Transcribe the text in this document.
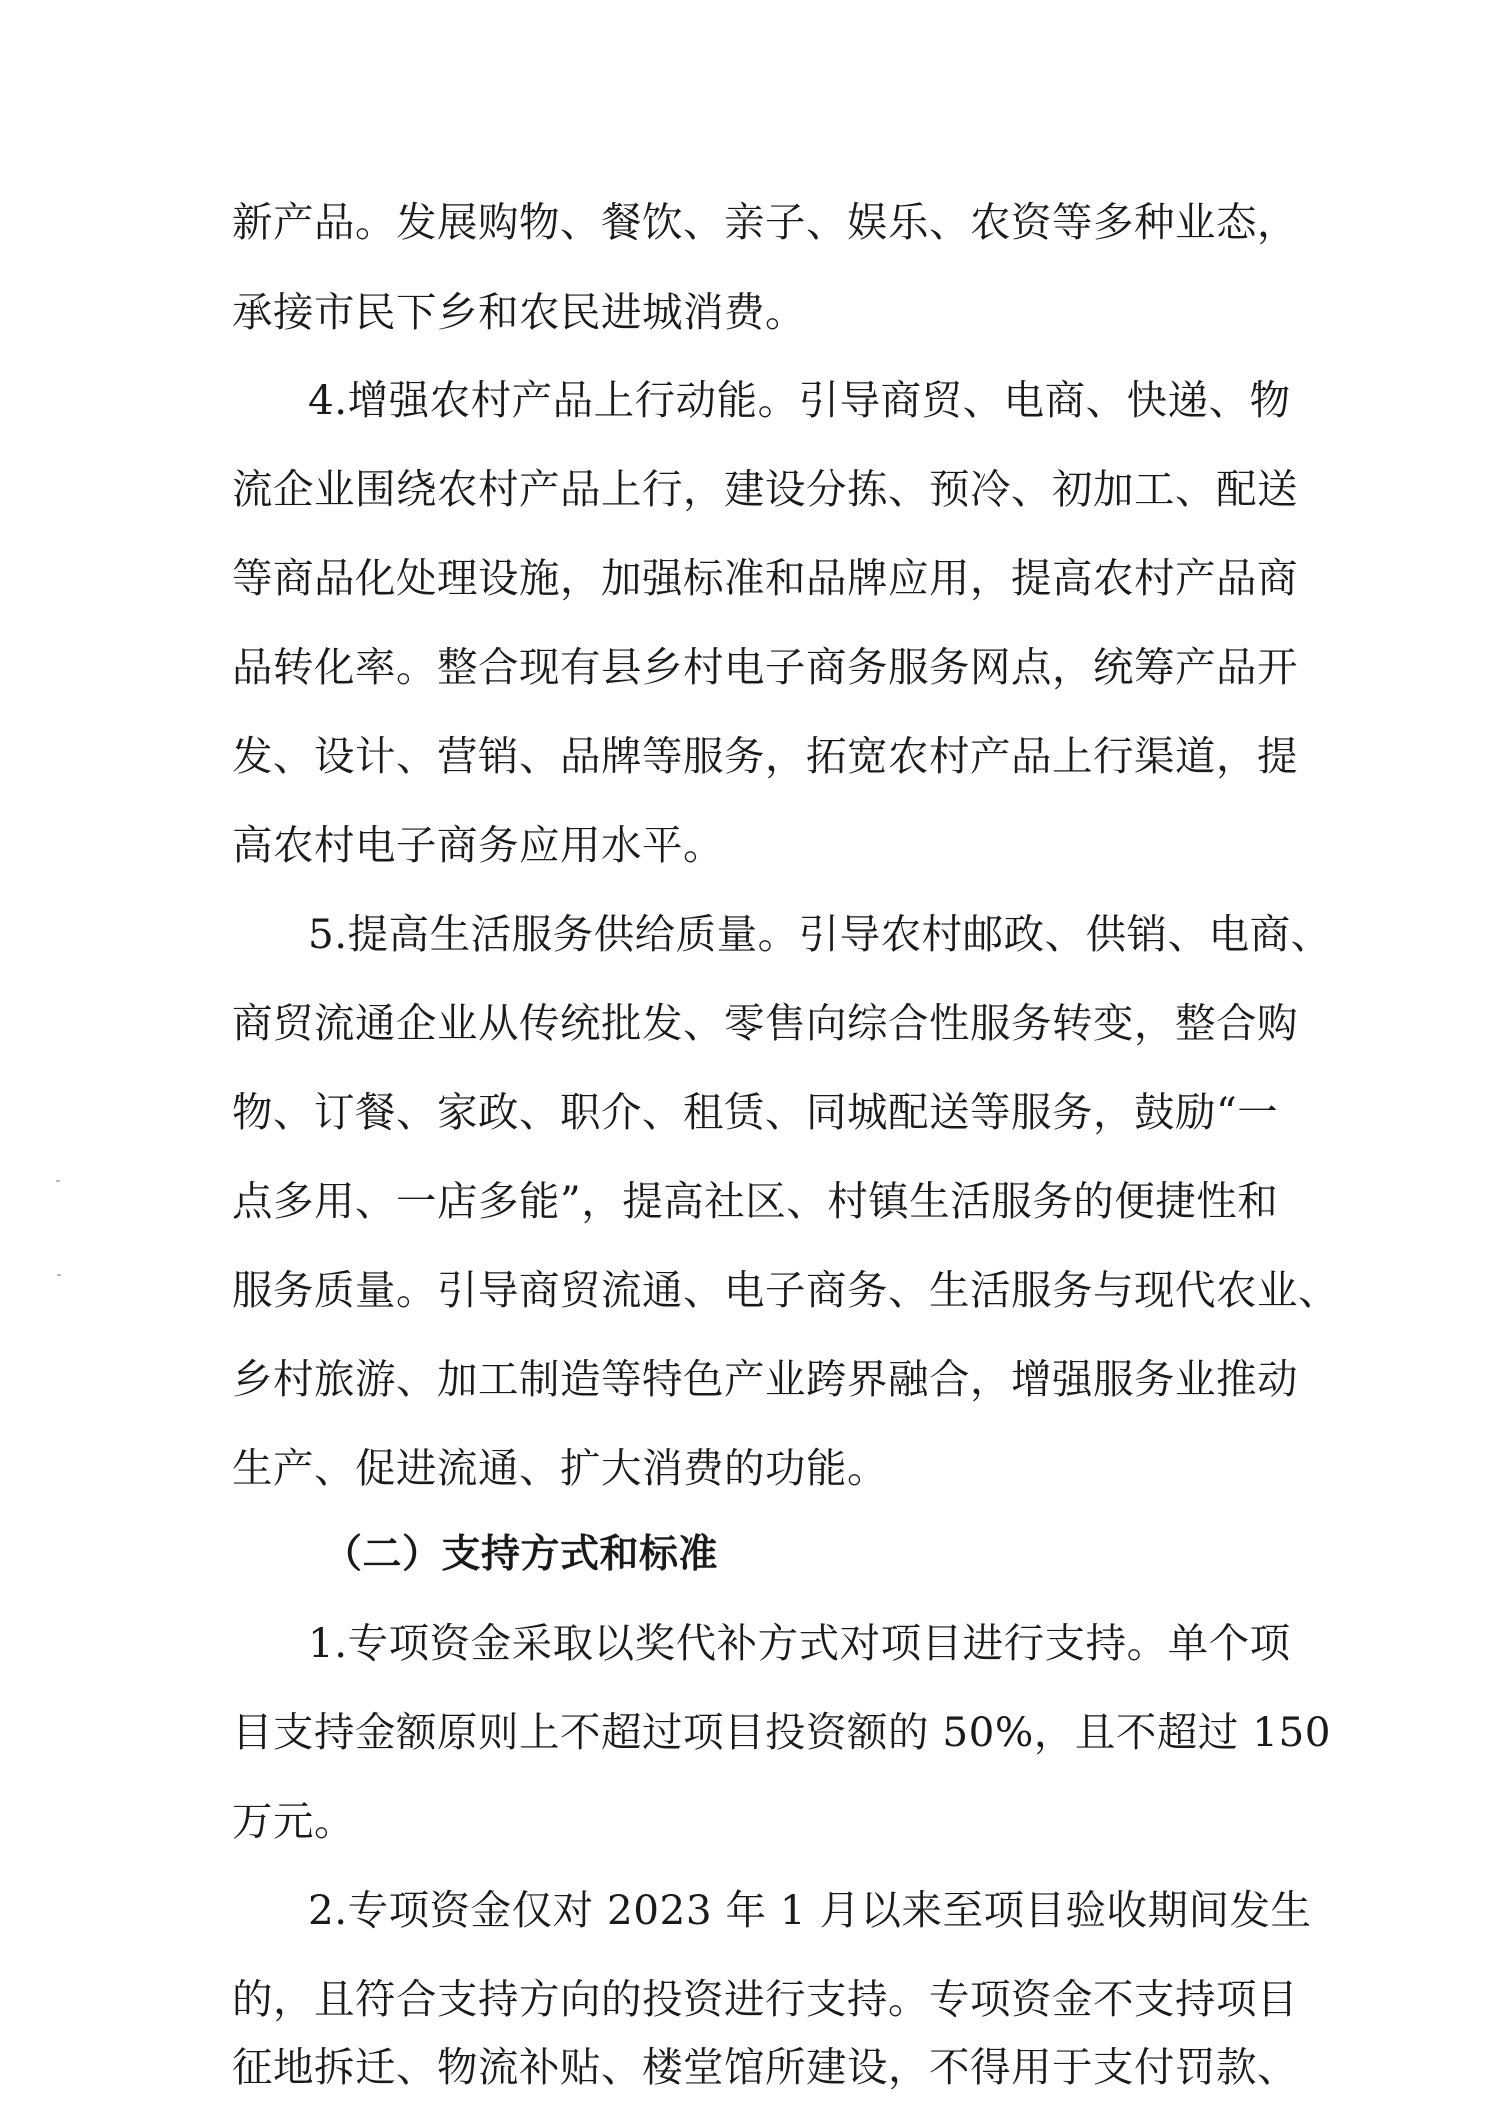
新产品。发展购物、餐饮、亲子、娱乐、农资等多种业态，
承接市民下乡和农民进城消费。
4.增强农村产品上行动能。引导商贸、电商、快递、物
流企业围绕农村产品上行，建设分拣、预冷、初加工、配送
等商品化处理设施，加强标准和品牌应用，提高农村产品商
品转化率。整合现有县乡村电子商务服务网点，统筹产品开
发、设计、营销、品牌等服务，拓宽农村产品上行渠道，提
高农村电子商务应用水平。
5.提高生活服务供给质量。引导农村邮政、供销、电商、
商贸流通企业从传统批发、零售向综合性服务转变，整合购
物、订餐、家政、职介、租赁、同城配送等服务，鼓励“一
点多用、一店多能”，提高社区、村镇生活服务的便捷性和
服务质量。引导商贸流通、电子商务、生活服务与现代农业、
乡村旅游、加工制造等特色产业跨界融合，增强服务业推动
生产、促进流通、扩大消费的功能。
（二）支持方式和标准
1.专项资金采取以奖代补方式对项目进行支持。单个项
目支持金额原则上不超过项目投资额的 50%，且不超过 150
万元。
2.专项资金仅对 2023 年 1 月以来至项目验收期间发生
的，且符合支持方向的投资进行支持。专项资金不支持项目
征地拆迁、物流补贴、楼堂馆所建设，不得用于支付罚款、
